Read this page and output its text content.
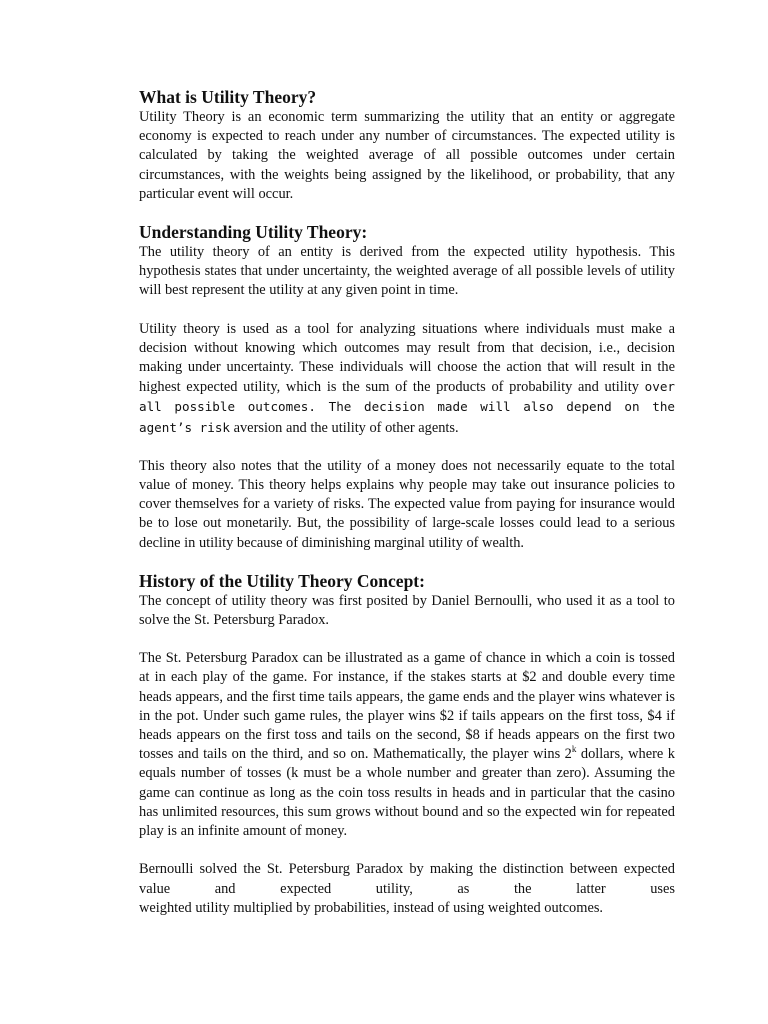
What is Utility Theory?

Utility Theory is an economic term summarizing the utility that an entity or aggregate economy is expected to reach under any number of circumstances. The expected utility is calculated by taking the weighted average of all possible outcomes under certain circumstances, with the weights being assigned by the likelihood, or probability, that any particular event will occur.

Understanding Utility Theory:

The utility theory of an entity is derived from the expected utility hypothesis. This hypothesis states that under uncertainty, the weighted average of all possible levels of utility will best represent the utility at any given point in time.

Utility theory is used as a tool for analyzing situations where individuals must make a decision without knowing which outcomes may result from that decision, i.e., decision making under uncertainty. These individuals will choose the action that will result in the highest expected utility, which is the sum of the products of probability and utility over all possible outcomes. The decision made will also depend on the agent’s risk aversion and the utility of other agents.

This theory also notes that the utility of a money does not necessarily equate to the total value of money. This theory helps explains why people may take out insurance policies to cover themselves for a variety of risks. The expected value from paying for insurance would be to lose out monetarily. But, the possibility of large-scale losses could lead to a serious decline in utility because of diminishing marginal utility of wealth.

History of the Utility Theory Concept:

The concept of utility theory was first posited by Daniel Bernoulli, who used it as a tool to solve the St. Petersburg Paradox.

The St. Petersburg Paradox can be illustrated as a game of chance in which a coin is tossed at in each play of the game. For instance, if the stakes starts at $2 and double every time heads appears, and the first time tails appears, the game ends and the player wins whatever is in the pot. Under such game rules, the player wins $2 if tails appears on the first toss, $4 if heads appears on the first toss and tails on the second, $8 if heads appears on the first two tosses and tails on the third, and so on. Mathematically, the player wins 2$^k$ dollars, where k equals number of tosses (k must be a whole number and greater than zero). Assuming the game can continue as long as the coin toss results in heads and in particular that the casino has unlimited resources, this sum grows without bound and so the expected win for repeated play is an infinite amount of money.

Bernoulli solved the St. Petersburg Paradox by making the distinction between expected value and expected utility, as the latter uses
weighted utility multiplied by probabilities, instead of using weighted outcomes.
